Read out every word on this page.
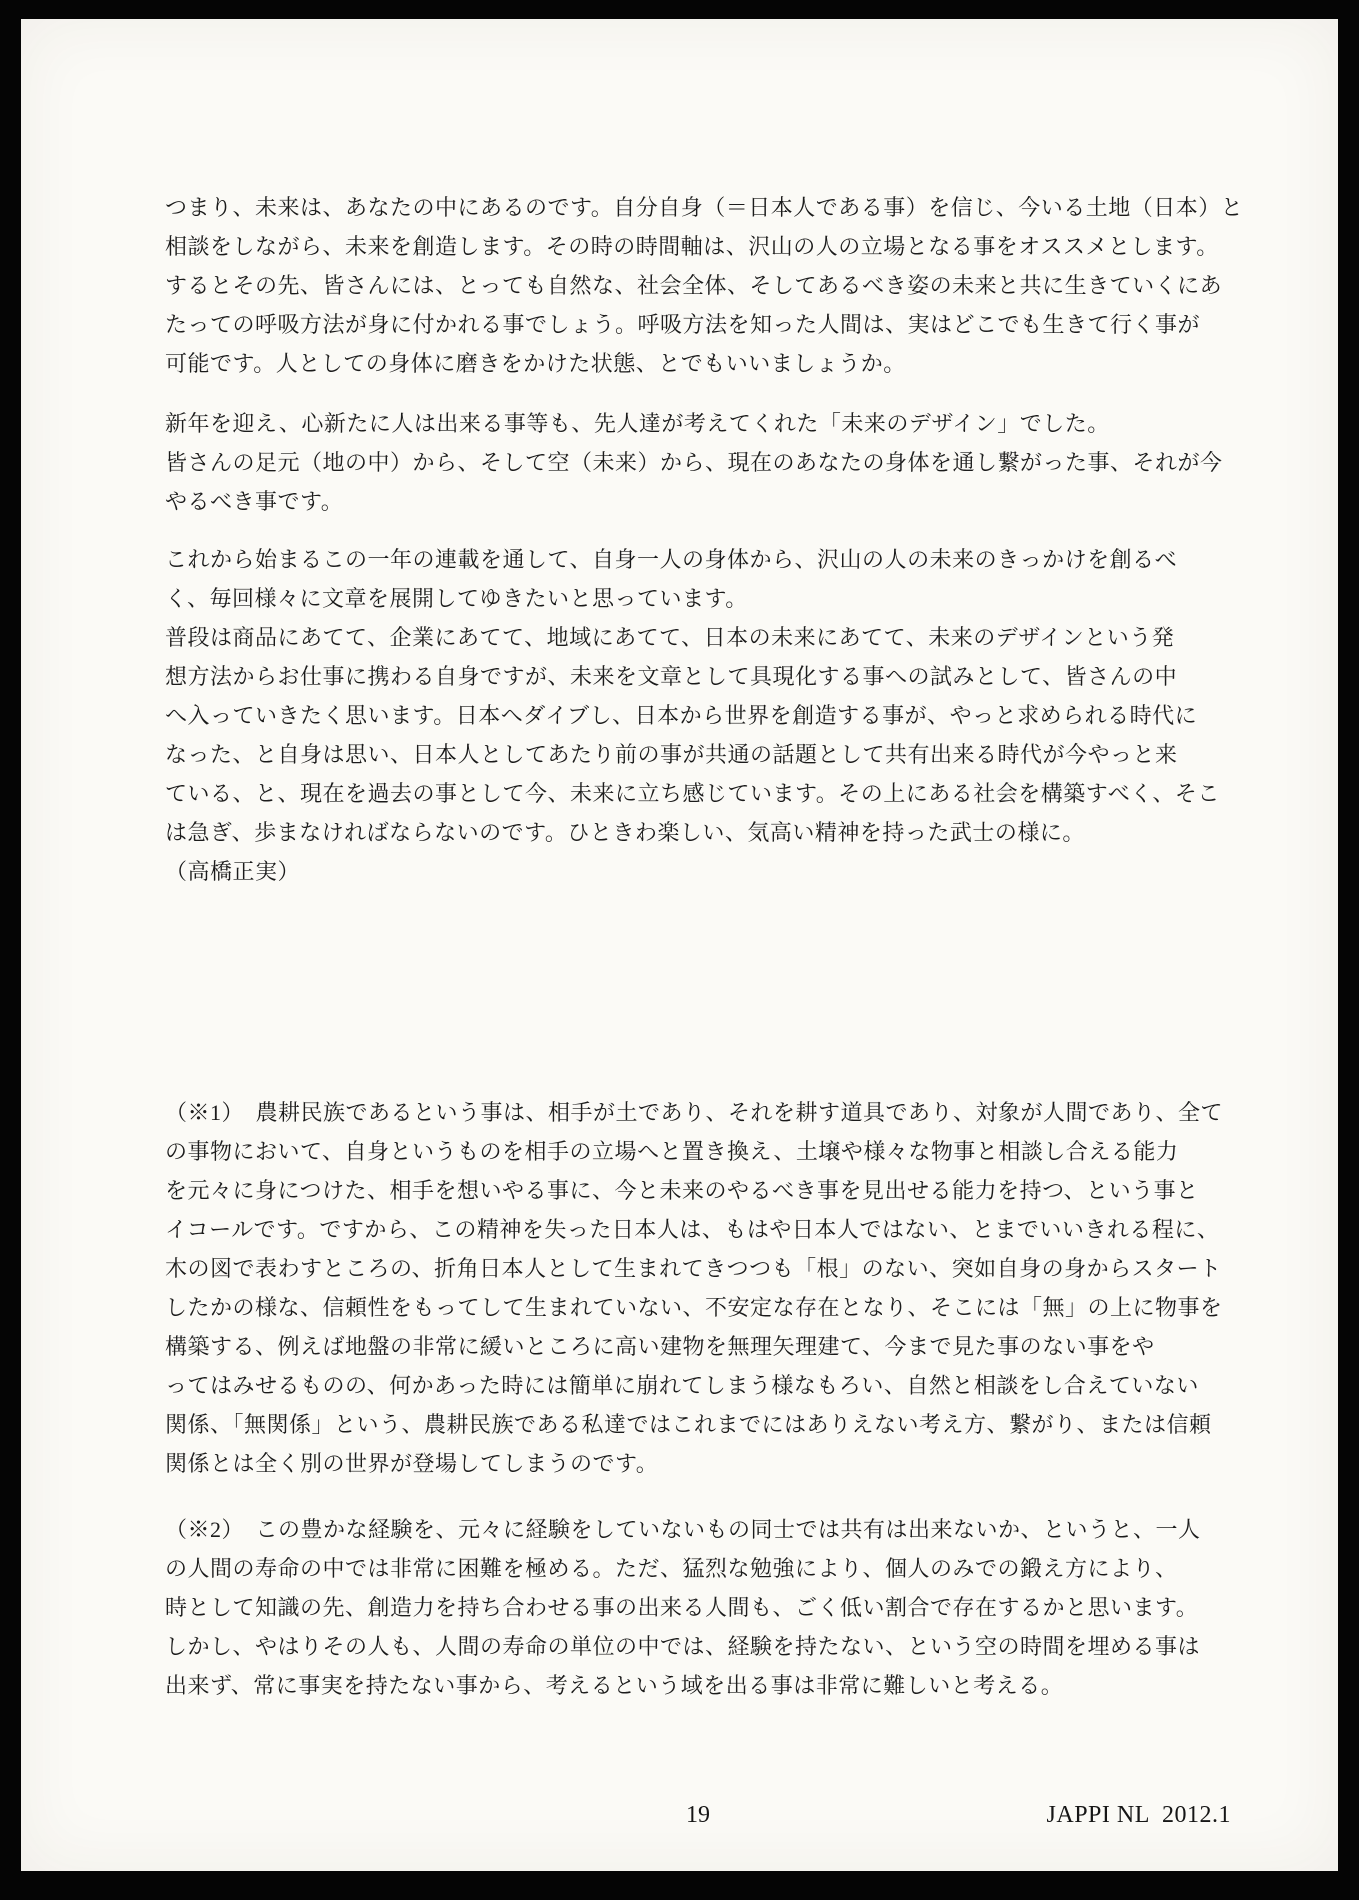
つまり、未来は、あなたの中にあるのです。自分自身（＝日本人である事）を信じ、今いる土地（日本）と
相談をしながら、未来を創造します。その時の時間軸は、沢山の人の立場となる事をオススメとします。
するとその先、皆さんには、とっても自然な、社会全体、そしてあるべき姿の未来と共に生きていくにあ
たっての呼吸方法が身に付かれる事でしょう。呼吸方法を知った人間は、実はどこでも生きて行く事が
可能です。人としての身体に磨きをかけた状態、とでもいいましょうか。
新年を迎え、心新たに人は出来る事等も、先人達が考えてくれた「未来のデザイン」でした。
皆さんの足元（地の中）から、そして空（未来）から、現在のあなたの身体を通し繋がった事、それが今
やるべき事です。
これから始まるこの一年の連載を通して、自身一人の身体から、沢山の人の未来のきっかけを創るべ
く、毎回様々に文章を展開してゆきたいと思っています。
普段は商品にあてて、企業にあてて、地域にあてて、日本の未来にあてて、未来のデザインという発
想方法からお仕事に携わる自身ですが、未来を文章として具現化する事への試みとして、皆さんの中
へ入っていきたく思います。日本へダイブし、日本から世界を創造する事が、やっと求められる時代に
なった、と自身は思い、日本人としてあたり前の事が共通の話題として共有出来る時代が今やっと来
ている、と、現在を過去の事として今、未来に立ち感じています。その上にある社会を構築すべく、そこ
は急ぎ、歩まなければならないのです。ひときわ楽しい、気高い精神を持った武士の様に。
（高橋正実）
（※1）　農耕民族であるという事は、相手が土であり、それを耕す道具であり、対象が人間であり、全て
の事物において、自身というものを相手の立場へと置き換え、土壌や様々な物事と相談し合える能力
を元々に身につけた、相手を想いやる事に、今と未来のやるべき事を見出せる能力を持つ、という事と
イコールです。ですから、この精神を失った日本人は、もはや日本人ではない、とまでいいきれる程に、
木の図で表わすところの、折角日本人として生まれてきつつも「根」のない、突如自身の身からスタート
したかの様な、信頼性をもってして生まれていない、不安定な存在となり、そこには「無」の上に物事を
構築する、例えば地盤の非常に緩いところに高い建物を無理矢理建て、今まで見た事のない事をや
ってはみせるものの、何かあった時には簡単に崩れてしまう様なもろい、自然と相談をし合えていない
関係、「無関係」という、農耕民族である私達ではこれまでにはありえない考え方、繋がり、または信頼
関係とは全く別の世界が登場してしまうのです。
（※2）　この豊かな経験を、元々に経験をしていないもの同士では共有は出来ないか、というと、一人
の人間の寿命の中では非常に困難を極める。ただ、猛烈な勉強により、個人のみでの鍛え方により、
時として知識の先、創造力を持ち合わせる事の出来る人間も、ごく低い割合で存在するかと思います。
しかし、やはりその人も、人間の寿命の単位の中では、経験を持たない、という空の時間を埋める事は
出来ず、常に事実を持たない事から、考えるという域を出る事は非常に難しいと考える。
19	JAPPI NL  2012.1
